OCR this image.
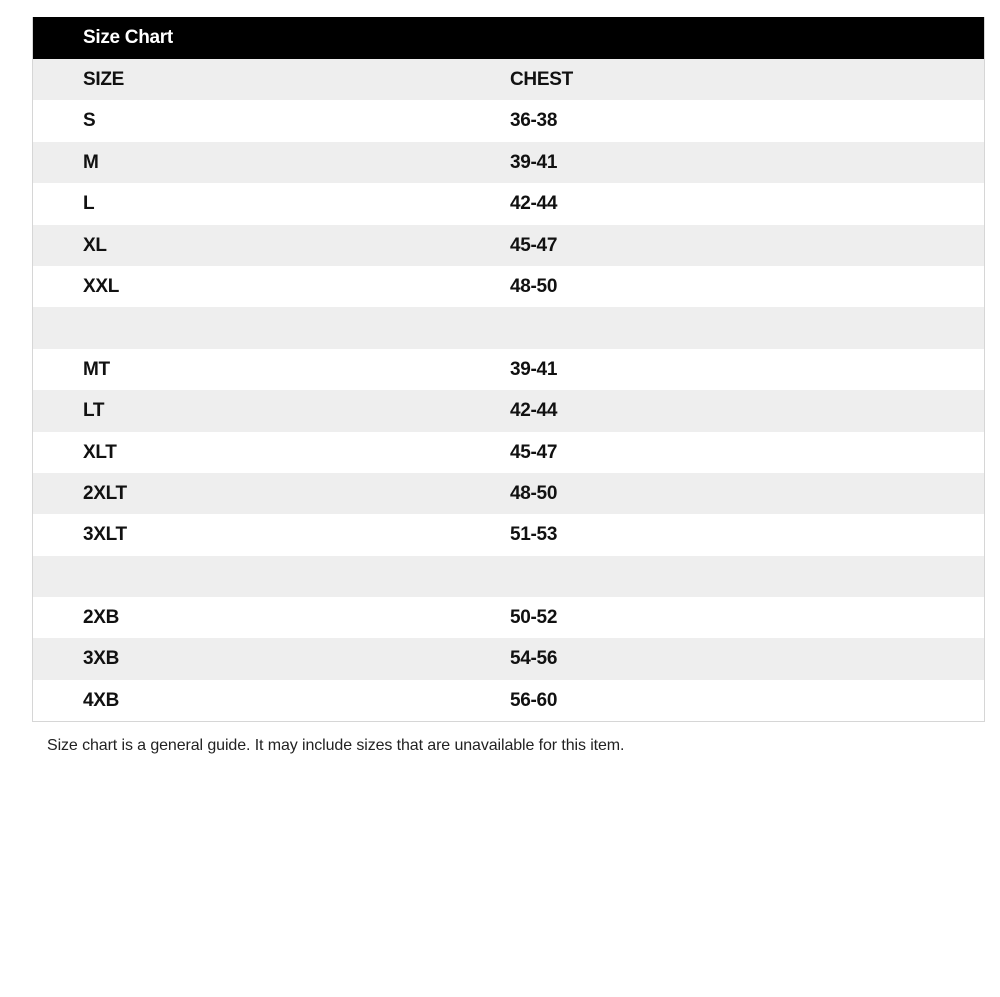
Size Chart
SIZE	CHEST
S	36-38
M	39-41
L	42-44
XL	45-47
XXL	48-50
MT	39-41
LT	42-44
XLT	45-47
2XLT	48-50
3XLT	51-53
2XB	50-52
3XB	54-56
4XB	56-60
Size chart is a general guide. It may include sizes that are unavailable for this item.
